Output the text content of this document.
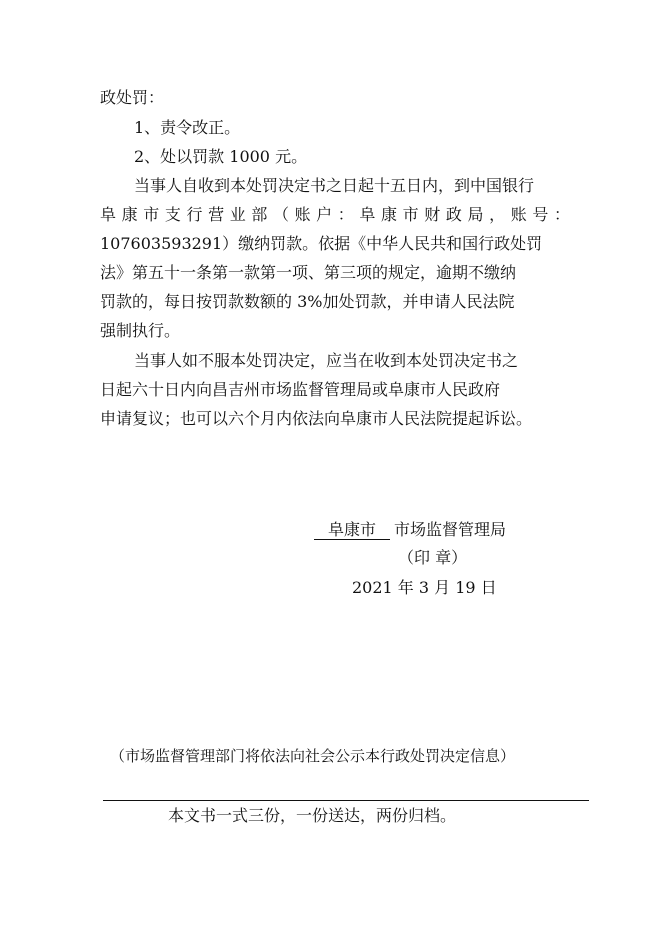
政处罚：
1、责令改正。
2、处以罚款 1000 元。
当事人自收到本处罚决定书之日起十五日内，到中国银行
阜康市支行营业部（账户：阜康市财政局，账号：
107603593291）缴纳罚款。依据《中华人民共和国行政处罚
法》第五十一条第一款第一项、第三项的规定，逾期不缴纳
罚款的，每日按罚款数额的 3%加处罚款，并申请人民法院
强制执行。
当事人如不服本处罚决定，应当在收到本处罚决定书之
日起六十日内向昌吉州市场监督管理局或阜康市人民政府
申请复议；也可以六个月内依法向阜康市人民法院提起诉讼。
阜康市 市场监督管理局
（印 章）
2021 年 3 月 19 日
（市场监督管理部门将依法向社会公示本行政处罚决定信息）
本文书一式三份，一份送达，两份归档。
